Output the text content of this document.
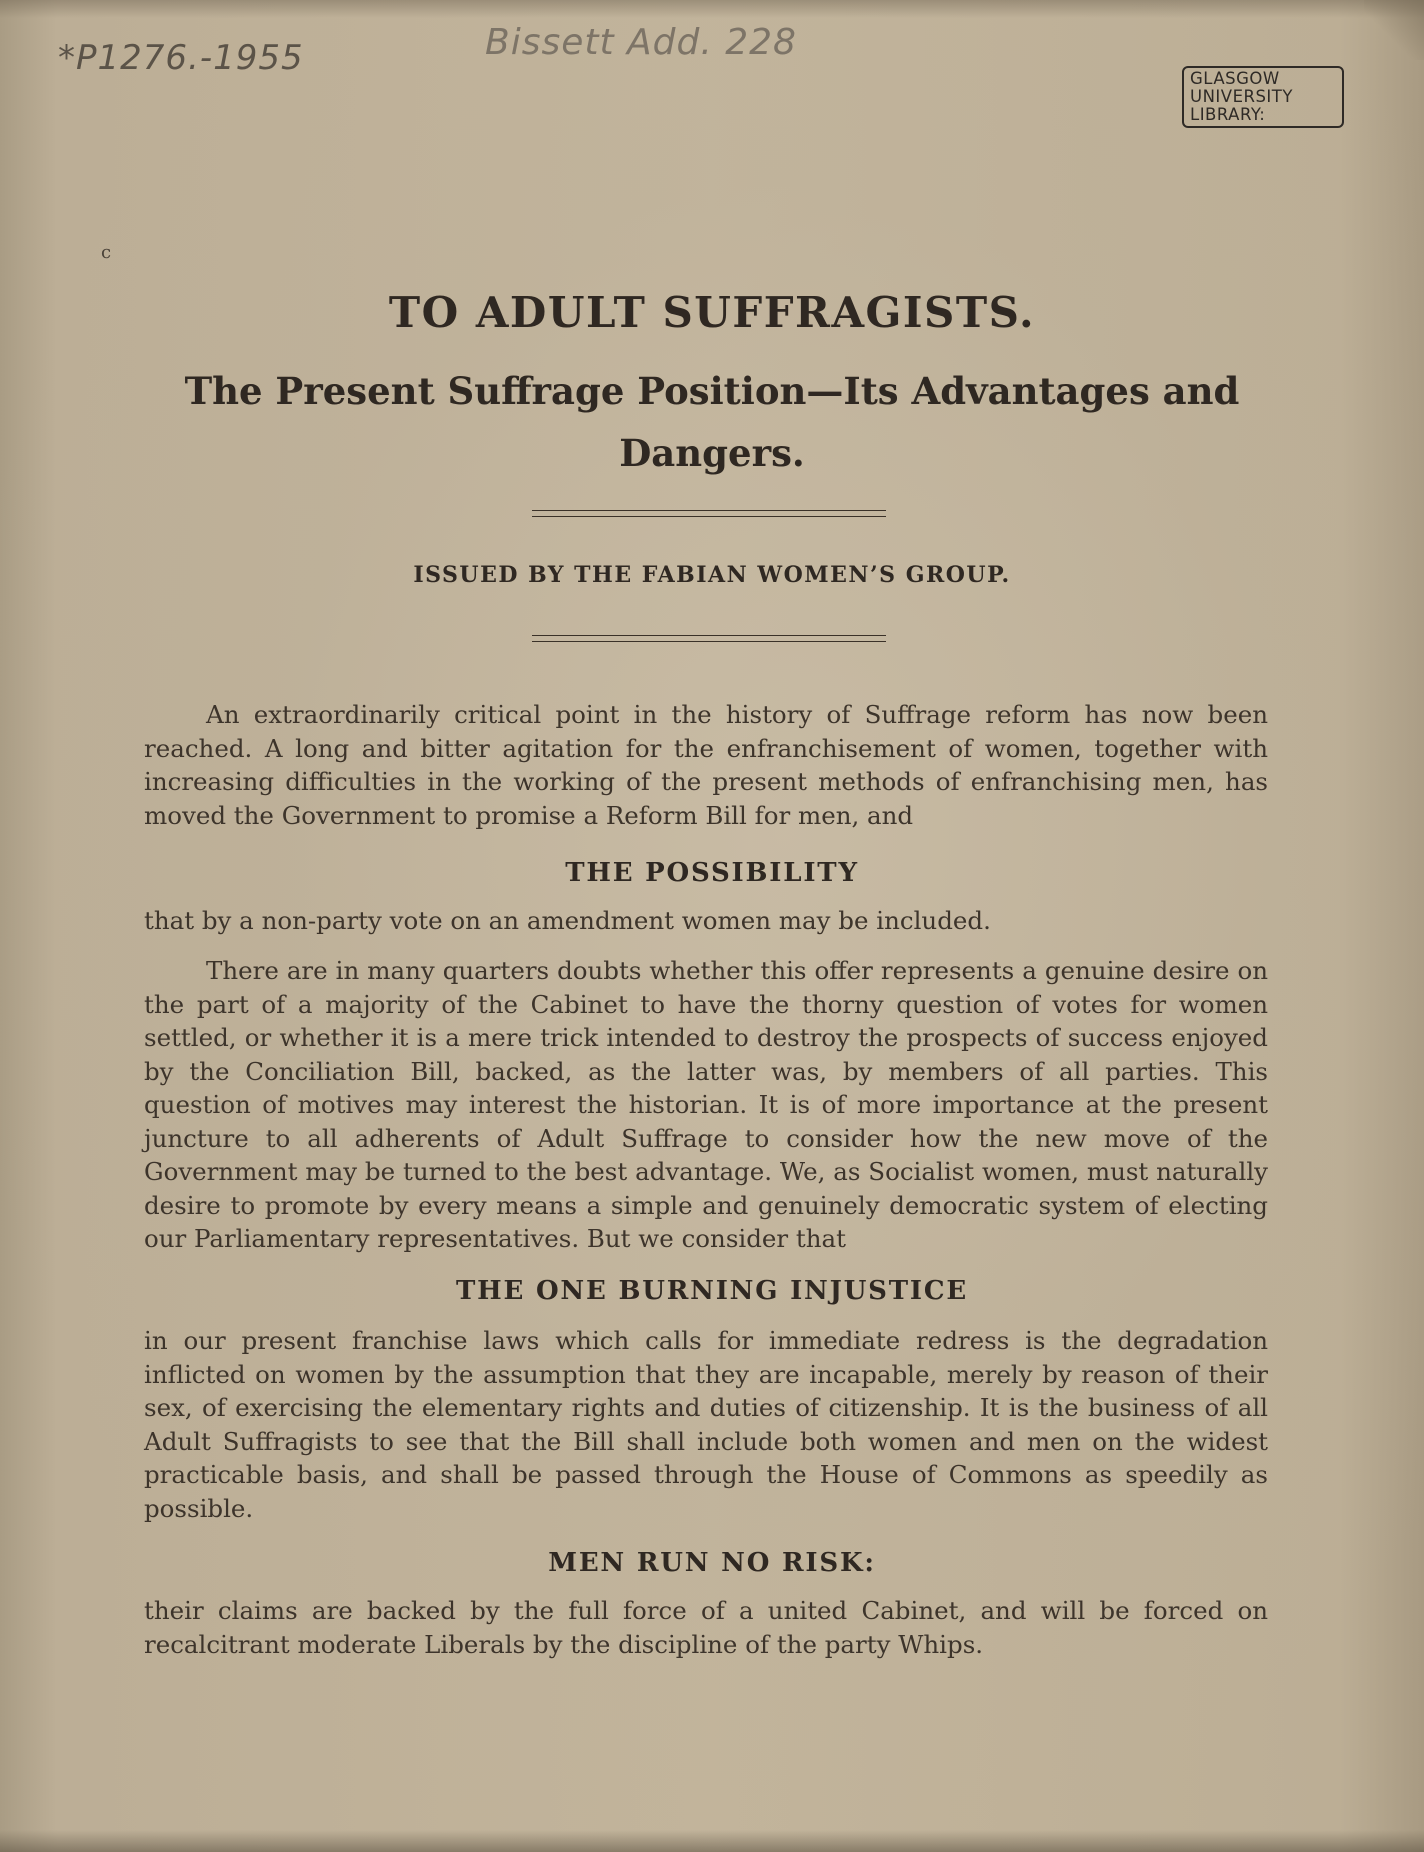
*P1276.-1955	Bissett Add. 228
GLASGOW
UNIVERSITY
LIBRARY:
c
TO ADULT SUFFRAGISTS.
The Present Suffrage Position—Its Advantages and Dangers.
ISSUED BY THE FABIAN WOMEN’S GROUP.

An extraordinarily critical point in the history of Suffrage reform has now been reached. A long and bitter agitation for the enfranchisement of women, together with increasing difficulties in the working of the present methods of enfranchising men, has moved the Government to promise a Reform Bill for men, and

THE POSSIBILITY

that by a non-party vote on an amendment women may be included.

There are in many quarters doubts whether this offer represents a genuine desire on the part of a majority of the Cabinet to have the thorny question of votes for women settled, or whether it is a mere trick intended to destroy the prospects of success enjoyed by the Conciliation Bill, backed, as the latter was, by members of all parties. This question of motives may interest the historian. It is of more importance at the present juncture to all adherents of Adult Suffrage to consider how the new move of the Government may be turned to the best advantage. We, as Socialist women, must naturally desire to promote by every means a simple and genuinely democratic system of electing our Parliamentary representatives. But we consider that

THE ONE BURNING INJUSTICE

in our present franchise laws which calls for immediate redress is the degradation inflicted on women by the assumption that they are incapable, merely by reason of their sex, of exercising the elementary rights and duties of citizenship. It is the business of all Adult Suffragists to see that the Bill shall include both women and men on the widest practicable basis, and shall be passed through the House of Commons as speedily as possible.

MEN RUN NO RISK:

their claims are backed by the full force of a united Cabinet, and will be forced on recalcitrant moderate Liberals by the discipline of the party Whips.
